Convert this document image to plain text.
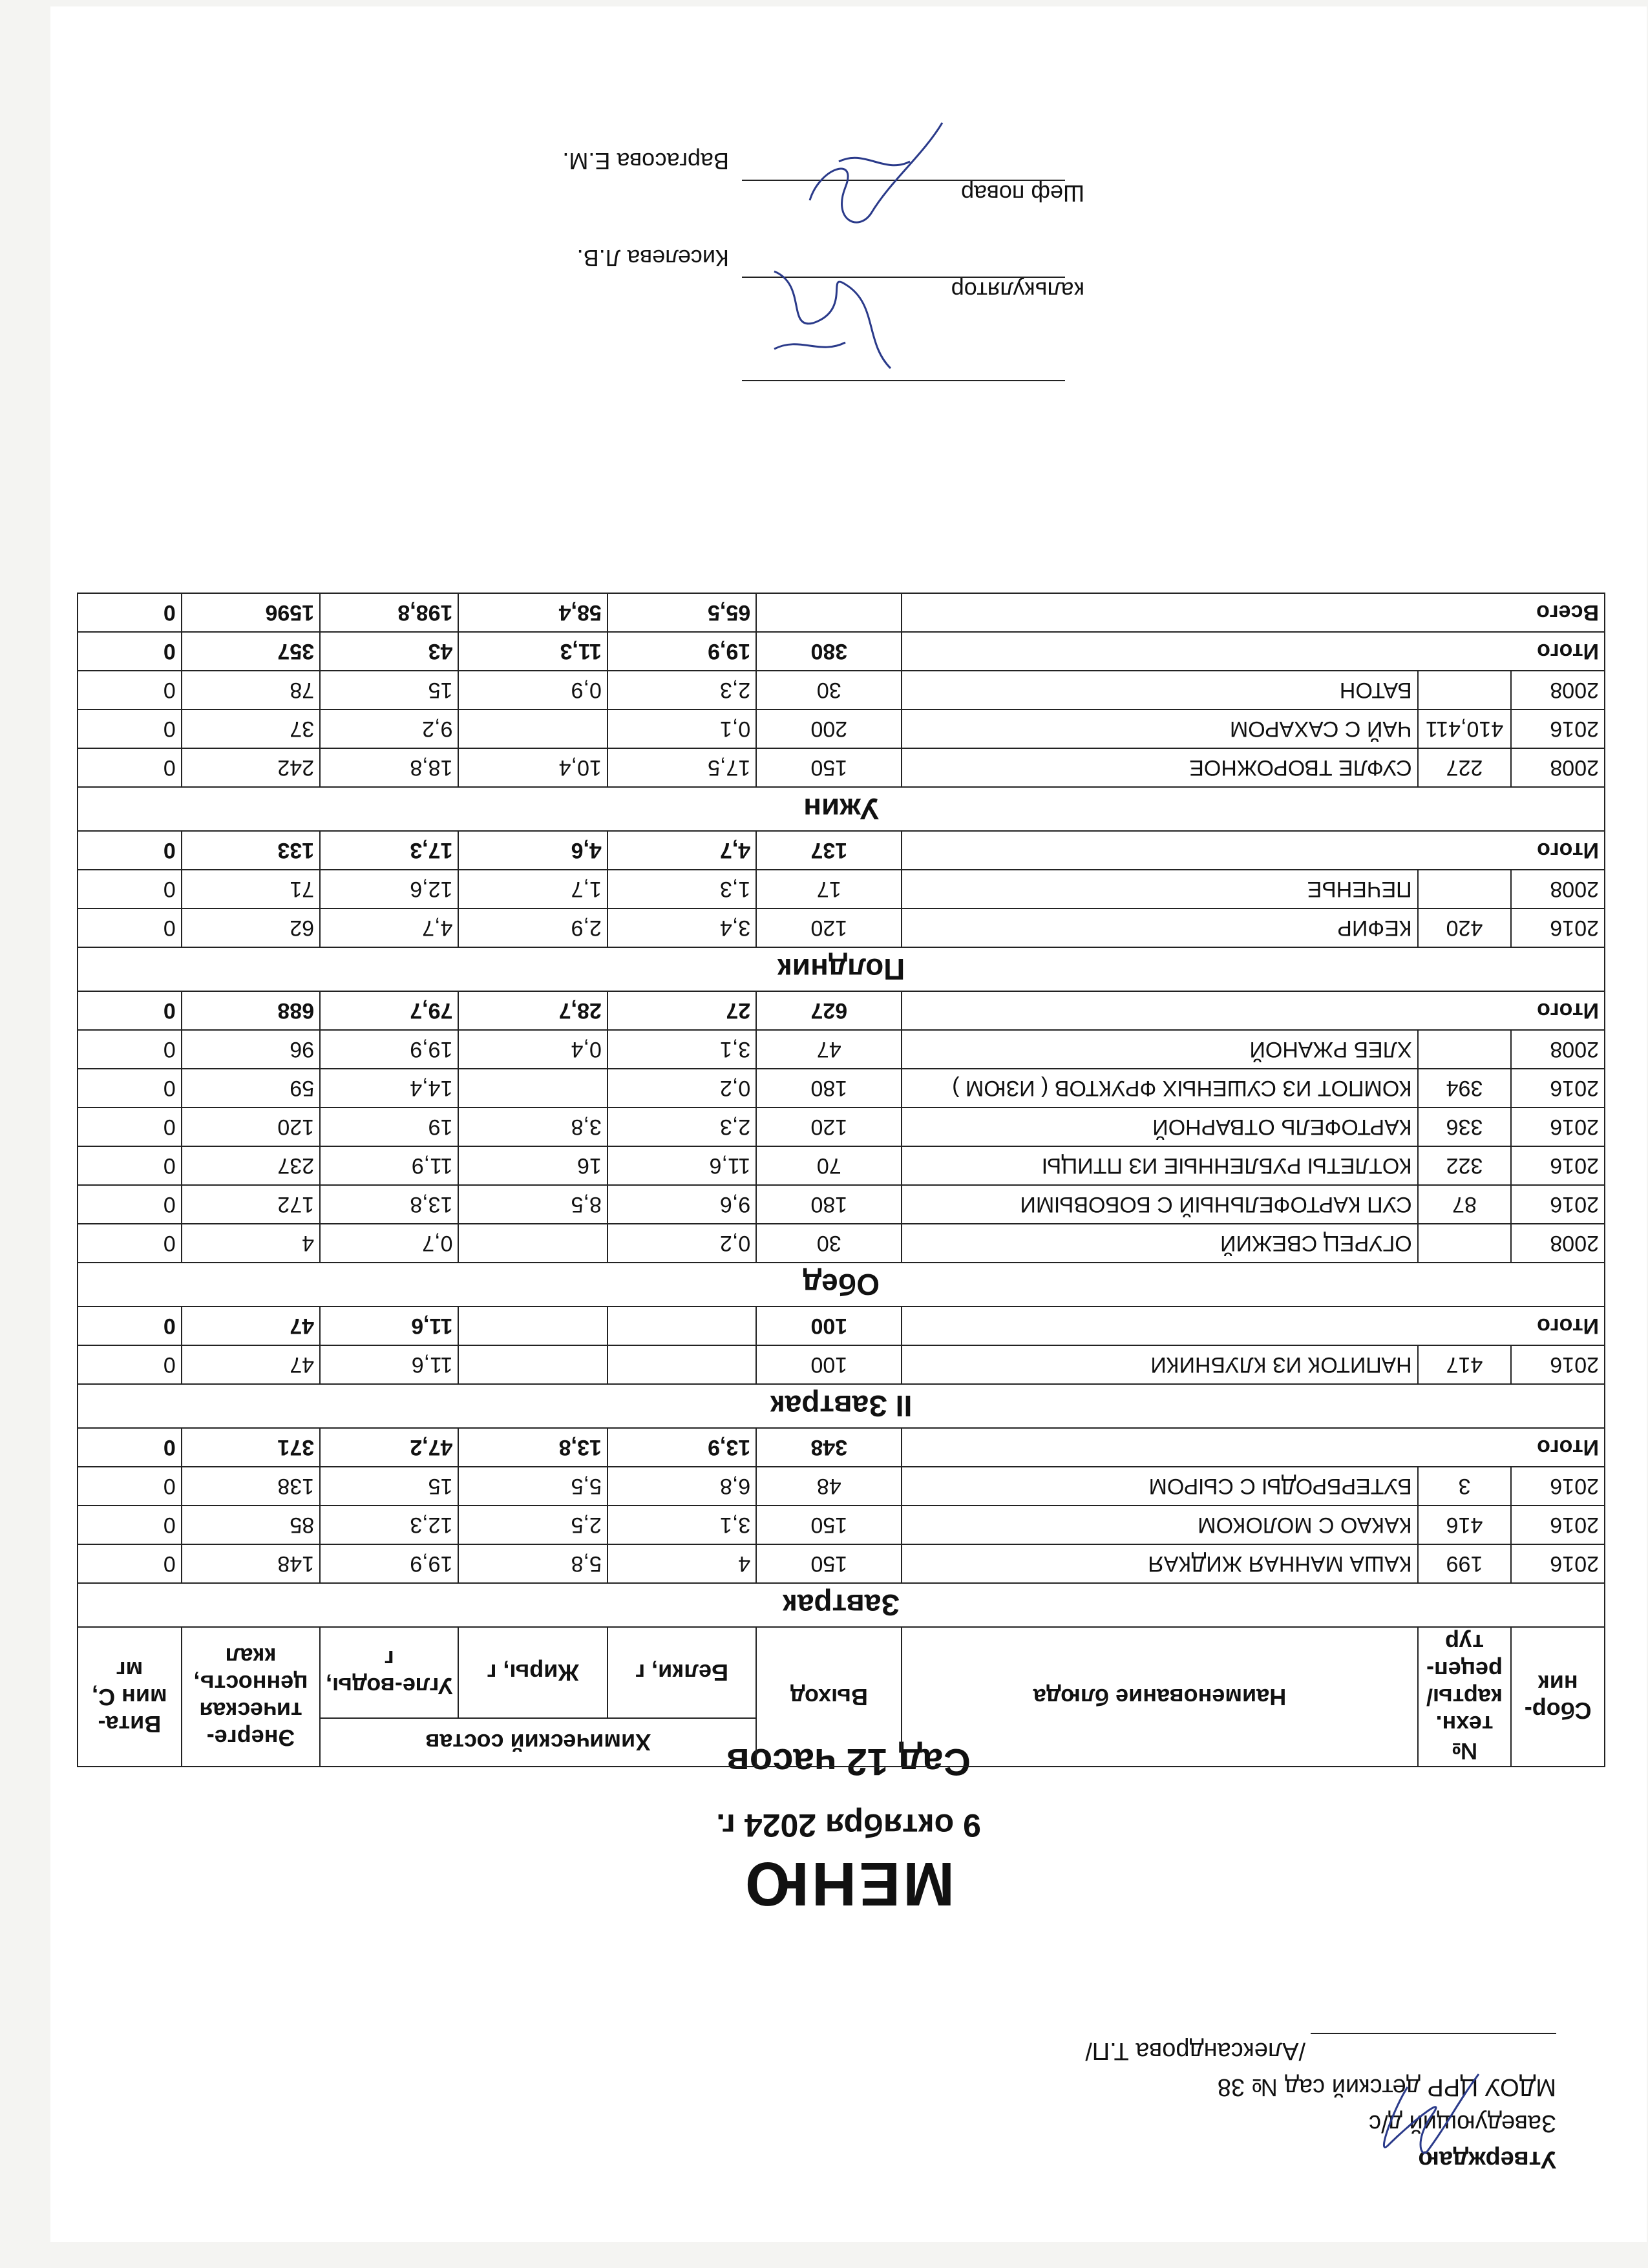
Утверждаю
Заведующий д/с
МДОУ ЦРР детский сад № 38
/Александрова Т.П/
МЕНЮ
9 октября 2024 г.
Сад 12 часов
Сбор-ник	№ техн. карты/ рецеп-тур	Наименование блюда	Выход	Химический состав			Энерге-тическая ценность, ккал	Вита-мин С, мг
				Белки, г	Жиры, г	Угле-воды, г		
Завтрак								
2016	199	КАША МАННАЯ ЖИДКАЯ	150	4	5,8	19,9	148	0
2016	416	КАКАО С МОЛОКОМ	150	3,1	2,5	12,3	85	0
2016	3	БУТЕРБРОДЫ С СЫРОМ	48	6,8	5,5	15	138	0
Итого			348	13,9	13,8	47,2	371	0
II Завтрак								
2016	417	НАПИТОК ИЗ КЛУБНИКИ	100			11,6	47	0
Итого			100			11,6	47	0
Обед								
2008		ОГУРЕЦ СВЕЖИЙ	30	0,2		0,7	4	0
2016	87	СУП КАРТОФЕЛЬНЫЙ С БОБОВЫМИ	180	9,6	8,5	13,8	172	0
2016	322	КОТЛЕТЫ РУБЛЕННЫЕ ИЗ ПТИЦЫ	70	11,6	16	11,9	237	0
2016	336	КАРТОФЕЛЬ ОТВАРНОЙ	120	2,3	3,8	19	120	0
2016	394	КОМПОТ ИЗ СУШЕНЫХ ФРУКТОВ ( ИЗЮМ )	180	0,2		14,4	59	0
2008		ХЛЕБ РЖАНОЙ	47	3,1	0,4	19,9	96	0
Итого			627	27	28,7	79,7	688	0
Полдник								
2016	420	КЕФИР	120	3,4	2,9	4,7	62	0
2008		ПЕЧЕНЬЕ	17	1,3	1,7	12,6	71	0
Итого			137	4,7	4,6	17,3	133	0
Ужин								
2008	227	СУФЛЕ ТВОРОЖНОЕ	150	17,5	10,4	18,8	242	0
2016	410,411	ЧАЙ С САХАРОМ	200	0,1		9,2	37	0
2008		БАТОН	30	2,3	0,9	15	78	0
Итого			380	19,9	11,3	43	357	0
Всего				65,5	58,4	198,8	1596	0
калькулятор
Киселева Л.В.
Шеф повар
Варгасова Е.М.
